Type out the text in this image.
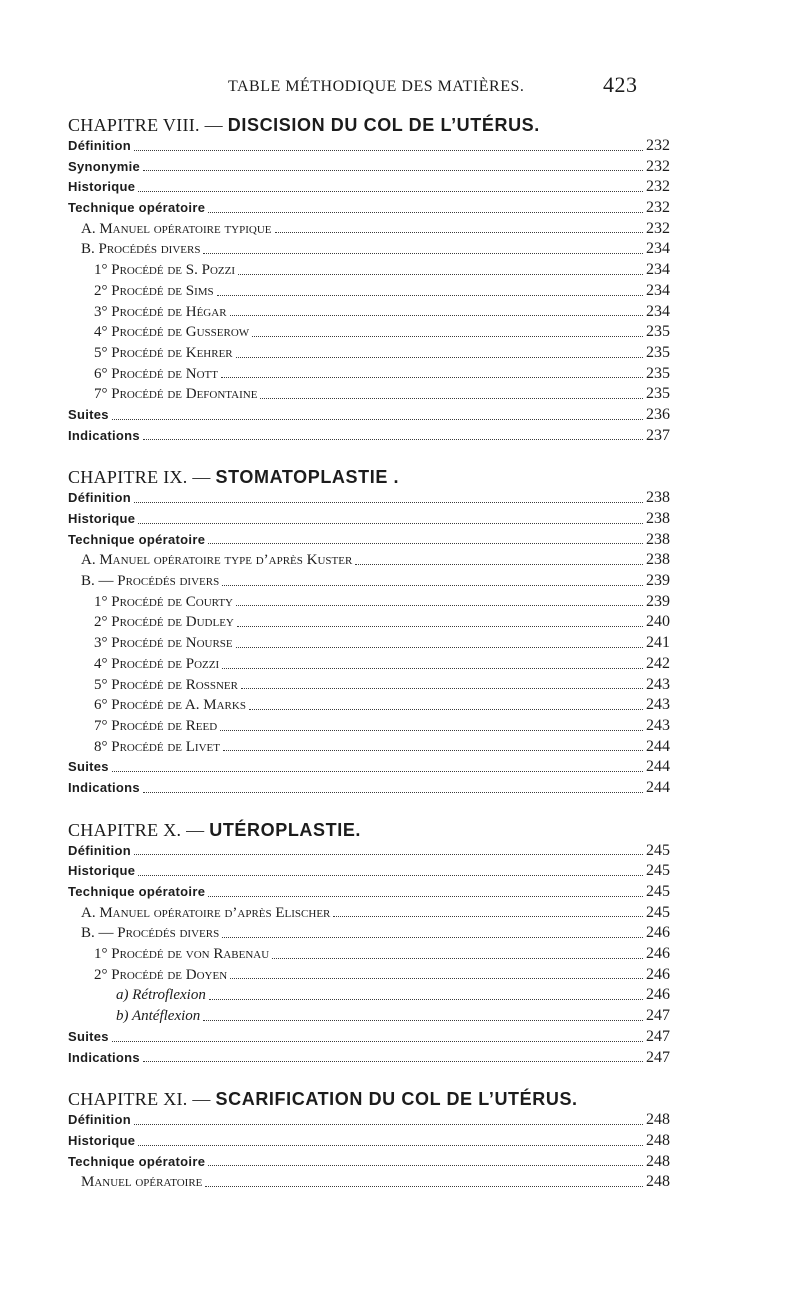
TABLE MÉTHODIQUE DES MATIÈRES.	423
CHAPITRE VIII. — DISCISION DU COL DE L’UTÉRUS.
Définition	232
Synonymie	232
Historique	232
Technique opératoire	232
A. Manuel opératoire typique	232
B. Procédés divers	234
1° Procédé de S. Pozzi	234
2° Procédé de Sims	234
3° Procédé de Hégar	234
4° Procédé de Gusserow	235
5° Procédé de Kehrer	235
6° Procédé de Nott	235
7° Procédé de Defontaine	235
Suites	236
Indications	237
CHAPITRE IX. — STOMATOPLASTIE .
Définition	238
Historique	238
Technique opératoire	238
A. Manuel opératoire type d’après Kuster	238
B. — Procédés divers	239
1° Procédé de Courty	239
2° Procédé de Dudley	240
3° Procédé de Nourse	241
4° Procédé de Pozzi	242
5° Procédé de Rossner	243
6° Procédé de A. Marks	243
7° Procédé de Reed	243
8° Procédé de Livet	244
Suites	244
Indications	244
CHAPITRE X. — UTÉROPLASTIE.
Définition	245
Historique	245
Technique opératoire	245
A. Manuel opératoire d’après Elischer	245
B. — Procédés divers	246
1° Procédé de von Rabenau	246
2° Procédé de Doyen	246
a) Rétroflexion	246
b) Antéflexion	247
Suites	247
Indications	247
CHAPITRE XI. — SCARIFICATION DU COL DE L’UTÉRUS.
Définition	248
Historique	248
Technique opératoire	248
Manuel opératoire	248
